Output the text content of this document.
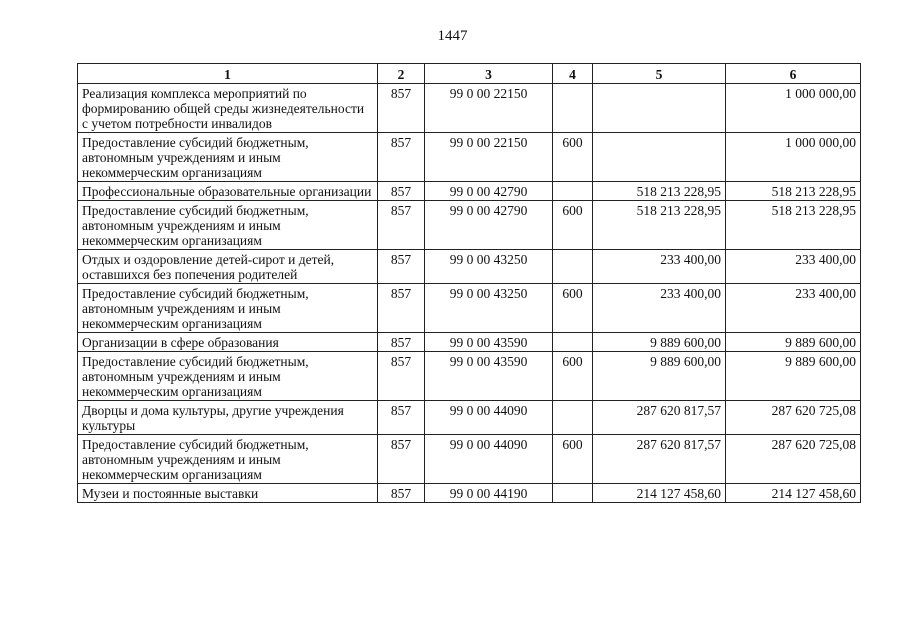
1447
1	2	3	4	5	6
Реализация комплекса мероприятий по формированию общей среды жизнедеятельности с учетом потребности инвалидов	857	99 0 00 22150			1 000 000,00
Предоставление субсидий бюджетным, автономным учреждениям и иным некоммерческим организациям	857	99 0 00 22150	600		1 000 000,00
Профессиональные образовательные организации	857	99 0 00 42790		518 213 228,95	518 213 228,95
Предоставление субсидий бюджетным, автономным учреждениям и иным некоммерческим организациям	857	99 0 00 42790	600	518 213 228,95	518 213 228,95
Отдых и оздоровление детей-сирот и детей, оставшихся без попечения родителей	857	99 0 00 43250		233 400,00	233 400,00
Предоставление субсидий бюджетным, автономным учреждениям и иным некоммерческим организациям	857	99 0 00 43250	600	233 400,00	233 400,00
Организации в сфере образования	857	99 0 00 43590		9 889 600,00	9 889 600,00
Предоставление субсидий бюджетным, автономным учреждениям и иным некоммерческим организациям	857	99 0 00 43590	600	9 889 600,00	9 889 600,00
Дворцы и дома культуры, другие учреждения культуры	857	99 0 00 44090		287 620 817,57	287 620 725,08
Предоставление субсидий бюджетным, автономным учреждениям и иным некоммерческим организациям	857	99 0 00 44090	600	287 620 817,57	287 620 725,08
Музеи и постоянные выставки	857	99 0 00 44190		214 127 458,60	214 127 458,60
